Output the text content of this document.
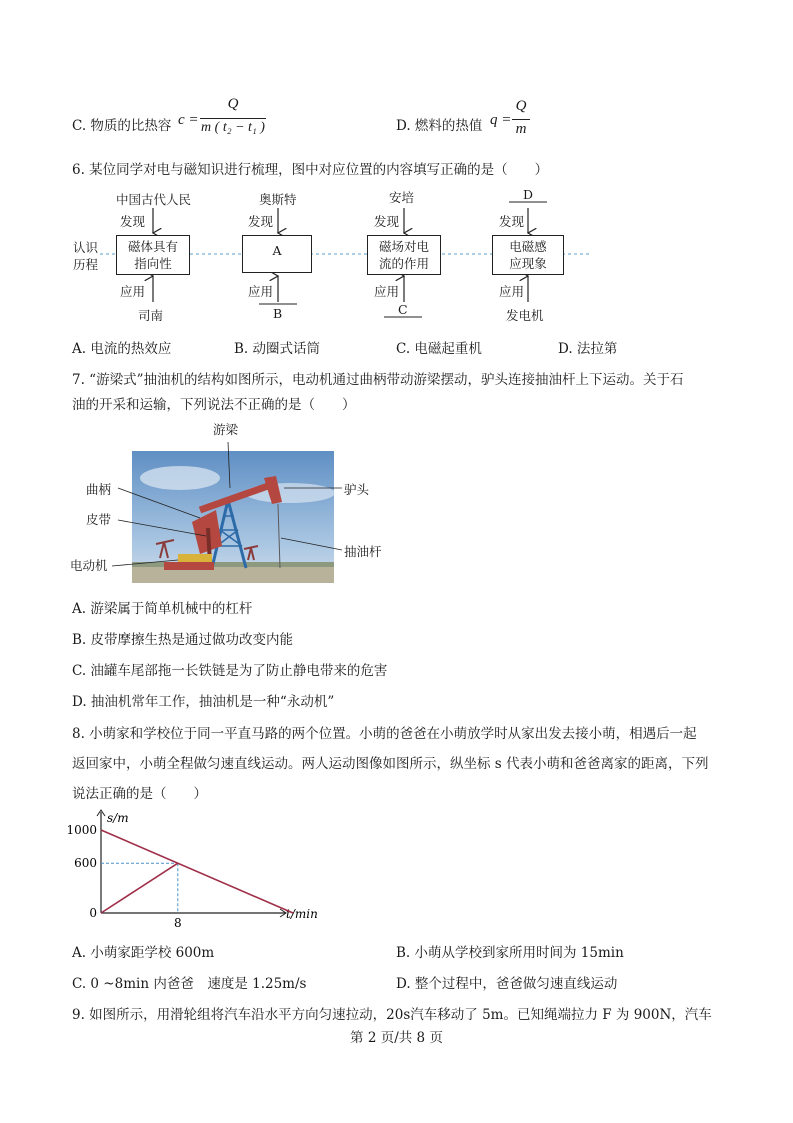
C. 物质的比热容 c =
Q
m ( t₂ − t₁ )	D. 燃料的热值 q =
Q
m
6. 某位同学对电与磁知识进行梳理，图中对应位置的内容填写正确的是（　　）
认识
历程
中国古代人民
发现
磁体具有
指向性
应用
司南
奥斯特
发现
A
应用
B
安培
发现
磁场对电
流的作用
应用
C
D
发现
电磁感
应现象
应用
发电机
A. 电流的热效应	B. 动圈式话筒	C. 电磁起重机	D. 法拉第
7. “游梁式”抽油机的结构如图所示，电动机通过曲柄带动游梁摆动，驴头连接抽油杆上下运动。关于石
油的开采和运输，下列说法不正确的是（　　）
游梁
曲柄
皮带
电动机
驴头
抽油杆
A. 游梁属于简单机械中的杠杆
B. 皮带摩擦生热是通过做功改变内能
C. 油罐车尾部拖一长铁链是为了防止静电带来的危害
D. 抽油机常年工作，抽油机是一种“永动机”
8. 小萌家和学校位于同一平直马路的两个位置。小萌的爸爸在小萌放学时从家出发去接小萌，相遇后一起
返回家中，小萌全程做匀速直线运动。两人运动图像如图所示，纵坐标 s 代表小萌和爸爸离家的距离，下列
说法正确的是（　　）
s/m
t/min
1000
600
0
8
A. 小萌家距学校 600m	B. 小萌从学校到家所用时间为 15min
C. 0 ~8min 内爸爸　速度是 1.25m/s	D. 整个过程中，爸爸做匀速直线运动
9. 如图所示，用滑轮组将汽车沿水平方向匀速拉动，20s汽车移动了 5m。已知绳端拉力 F 为 900N，汽车
第 2 页/共 8 页
